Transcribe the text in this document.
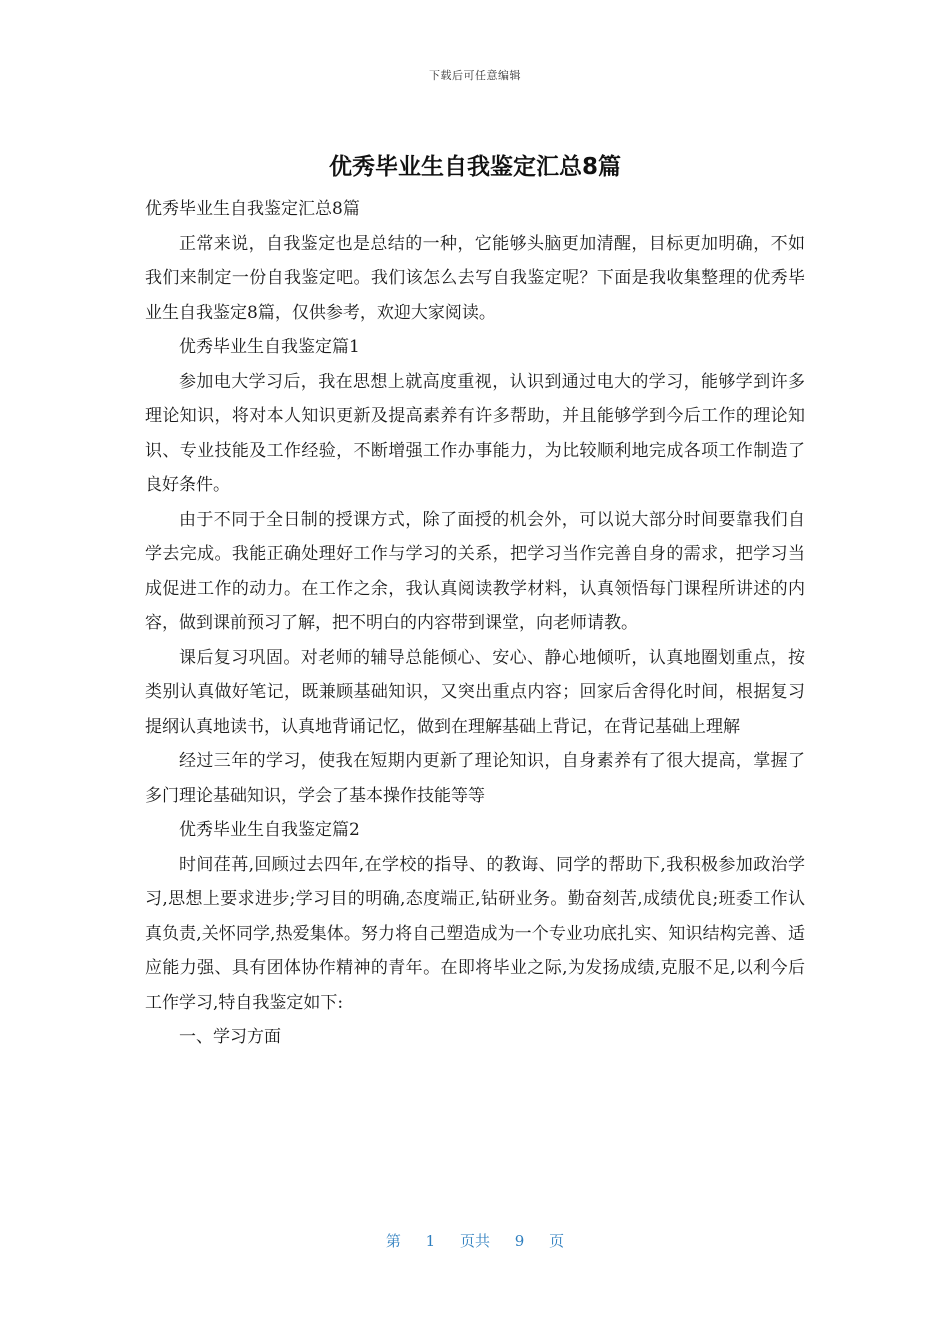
下载后可任意编辑
优秀毕业生自我鉴定汇总8篇

优秀毕业生自我鉴定汇总8篇

正常来说，自我鉴定也是总结的一种，它能够头脑更加清醒，目标更加明确，不如我们来制定一份自我鉴定吧。我们该怎么去写自我鉴定呢？下面是我收集整理的优秀毕业生自我鉴定8篇，仅供参考，欢迎大家阅读。

优秀毕业生自我鉴定篇1

参加电大学习后，我在思想上就高度重视，认识到通过电大的学习，能够学到许多理论知识，将对本人知识更新及提高素养有许多帮助，并且能够学到今后工作的理论知识、专业技能及工作经验，不断增强工作办事能力，为比较顺利地完成各项工作制造了良好条件。

由于不同于全日制的授课方式，除了面授的机会外，可以说大部分时间要靠我们自学去完成。我能正确处理好工作与学习的关系，把学习当作完善自身的需求，把学习当成促进工作的动力。在工作之余，我认真阅读教学材料，认真领悟每门课程所讲述的内容，做到课前预习了解，把不明白的内容带到课堂，向老师请教。

课后复习巩固。对老师的辅导总能倾心、安心、静心地倾听，认真地圈划重点，按类别认真做好笔记，既兼顾基础知识，又突出重点内容；回家后舍得化时间，根据复习提纲认真地读书，认真地背诵记忆，做到在理解基础上背记，在背记基础上理解

经过三年的学习，使我在短期内更新了理论知识，自身素养有了很大提高，掌握了多门理论基础知识，学会了基本操作技能等等

优秀毕业生自我鉴定篇2

时间荏苒,回顾过去四年,在学校的指导、的教诲、同学的帮助下,我积极参加政治学习,思想上要求进步;学习目的明确,态度端正,钻研业务。勤奋刻苦,成绩优良;班委工作认真负责,关怀同学,热爱集体。努力将自己塑造成为一个专业功底扎实、知识结构完善、适应能力强、具有团体协作精神的青年。在即将毕业之际,为发扬成绩,克服不足,以利今后工作学习,特自我鉴定如下:

一、学习方面

第 1 页共 9 页
